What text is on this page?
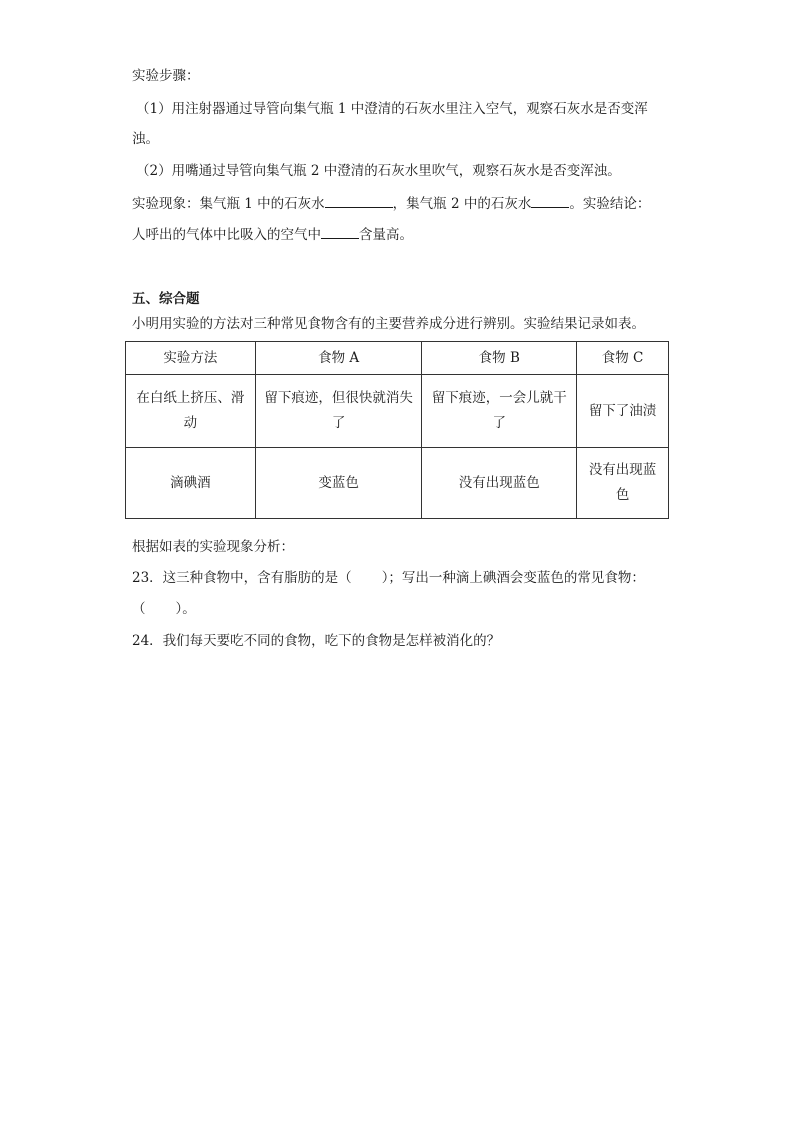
实验步骤：
（1）用注射器通过导管向集气瓶 1 中澄清的石灰水里注入空气，观察石灰水是否变浑
浊。
（2）用嘴通过导管向集气瓶 2 中澄清的石灰水里吹气，观察石灰水是否变浑浊。
实验现象：集气瓶 1 中的石灰水	，集气瓶 2 中的石灰水	。实验结论：
人呼出的气体中比吸入的空气中	含量高。
五、综合题
小明用实验的方法对三种常见食物含有的主要营养成分进行辨别。实验结果记录如表。
实验方法	食物 A	食物 B	食物 C
在白纸上挤压、滑动	留下痕迹，但很快就消失了	留下痕迹，一会儿就干了	留下了油渍
滴碘酒	变蓝色	没有出现蓝色	没有出现蓝色
根据如表的实验现象分析：
23．这三种食物中，含有脂肪的是（ ）；写出一种滴上碘酒会变蓝色的常见食物：
（ ）。
24．我们每天要吃不同的食物，吃下的食物是怎样被消化的？
